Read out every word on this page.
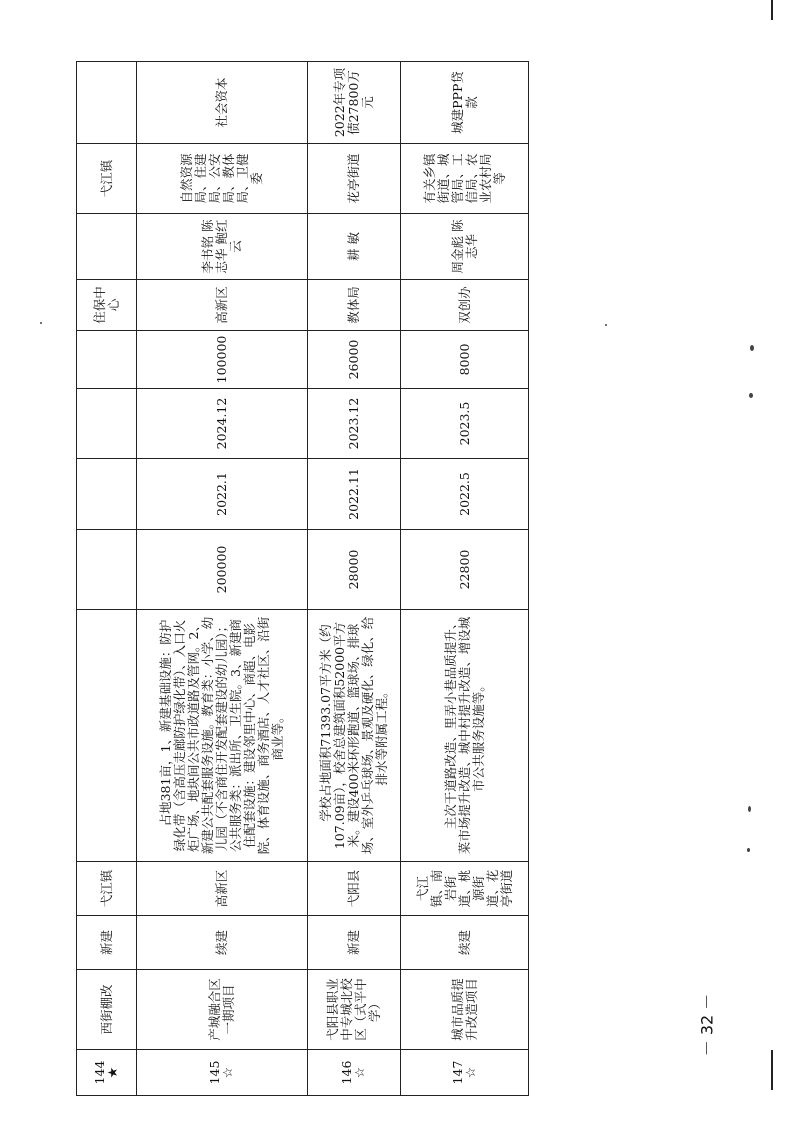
144 ★	西街棚改	新建	弋江镇						住保中心		弋江镇	
145 ☆	产城融合区一期项目	续建	高新区	占地381亩，1、新建基础设施：防护绿化带（含高压走廊防护绿化带）、入口火炬广场、地块间公共市政道路及管网。2、新建公共配套服务设施。教育类：小学、幼儿园（不含商住开发配套建设的幼儿园）；公共服务类：派出所、卫生院。3、新建商住配套设施：建设邻里中心、商超、电影院、体育设施、商务酒店、人才社区、沿街商业等。	200000	2022.1	2024.12	100000	高新区	李书铭 陈志华 鲍红云	自然资源局、住建局、公安局、教体局、卫健委	社会资本
146 ☆	弋阳县职业中专城北校区（式平中学）	新建	弋阳县	学校占地面积71393.07平方米（约107.09亩），校舍总建筑面积52000平方米。建设400米环形跑道、篮球场、排球场、室外乒乓球场、景观及硬化、绿化、给排水等附属工程。	28000	2022.11	2023.12	26000	教体局	耕 敏	花亭街道	2022年专项债27800万元
147 ☆	城市品质提升改造项目	续建	弋江镇、南岩街道、桃源街道、花亭街道	主次干道路改造、里弄小巷品质提升、菜市场提升改造、城中村提升改造、增设城市公共服务设施等。	22800	2022.5	2023.5	8000	双创办	周金彪 陈志华	有关乡镇街道、城管局、工信局、农业农村局等	城建PPP贷款
－ 32 －
